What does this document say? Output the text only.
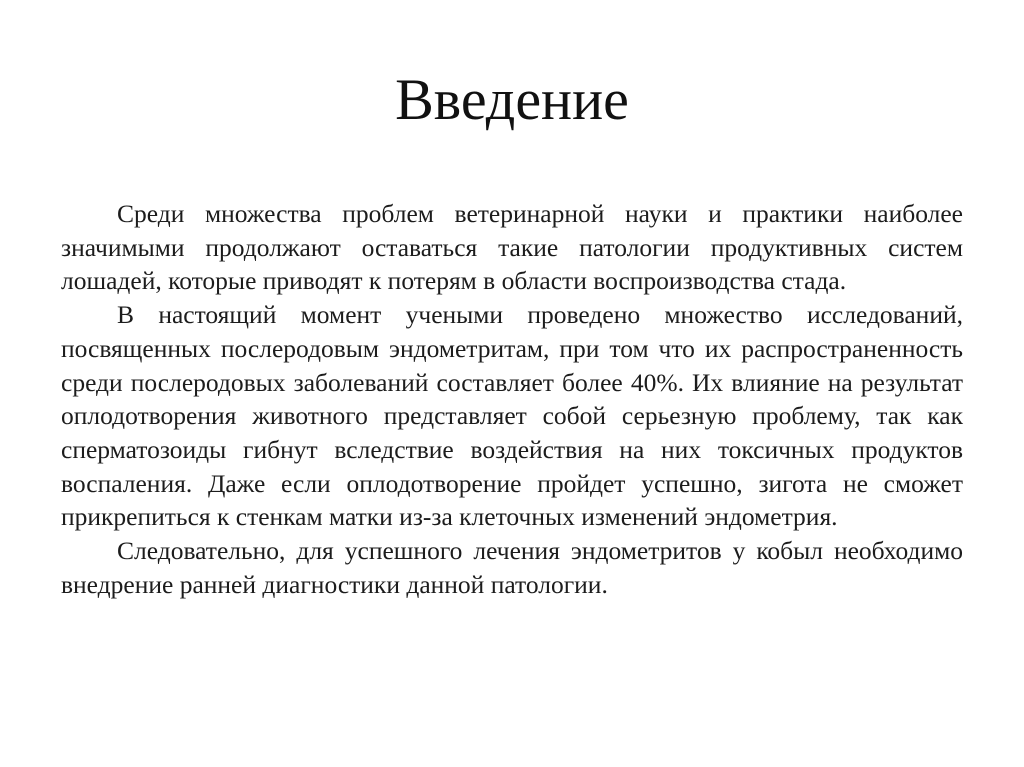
Введение

Среди множества проблем ветеринарной науки и практики наиболее значимыми продолжают оставаться такие патологии продуктивных систем лошадей, которые приводят к потерям в области воспроизводства стада.

В настоящий момент учеными проведено множество исследований, посвященных послеродовым эндометритам, при том что их распространенность среди послеродовых заболеваний составляет более 40%. Их влияние на результат оплодотворения животного представляет собой серьезную проблему, так как сперматозоиды гибнут вследствие воздействия на них токсичных продуктов воспаления. Даже если оплодотворение пройдет успешно, зигота не сможет прикрепиться к стенкам матки из-за клеточных изменений эндометрия.

Следовательно, для успешного лечения эндометритов у кобыл необходимо внедрение ранней диагностики данной патологии.
